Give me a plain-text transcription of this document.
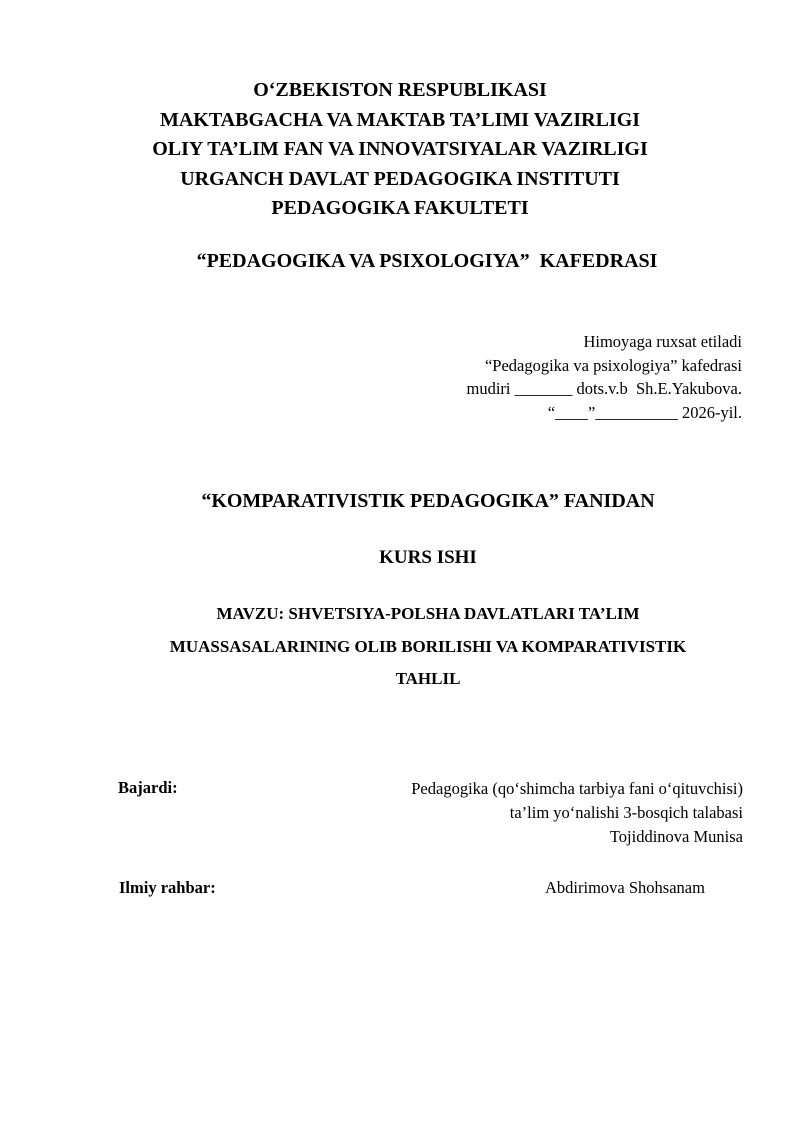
O‘ZBEKISTON RESPUBLIKASI
MAKTABGACHA VA MAKTAB TA’LIMI VAZIRLIGI
OLIY TA’LIM FAN VA INNOVATSIYALAR VAZIRLIGI
URGANCH DAVLAT PEDAGOGIKA INSTITUTI
PEDAGOGIKA FAKULTETI
“PEDAGOGIKA VA PSIXOLOGIYA”  KAFEDRASI
Himoyaga ruxsat etiladi
“Pedagogika va psixologiya” kafedrasi
mudiri _______ dots.v.b  Sh.E.Yakubova.
“____”__________ 2026-yil.
“KOMPARATIVISTIK PEDAGOGIKA” FANIDAN
KURS ISHI
MAVZU: SHVETSIYA-POLSHA DAVLATLARI TA’LIM
MUASSASALARINING OLIB BORILISHI VA KOMPARATIVISTIK
TAHLIL
Bajardi:	Pedagogika (qo‘shimcha tarbiya fani o‘qituvchisi)
ta’lim yo‘nalishi 3-bosqich talabasi
Tojiddinova Munisa
Ilmiy rahbar:	Abdirimova Shohsanam
